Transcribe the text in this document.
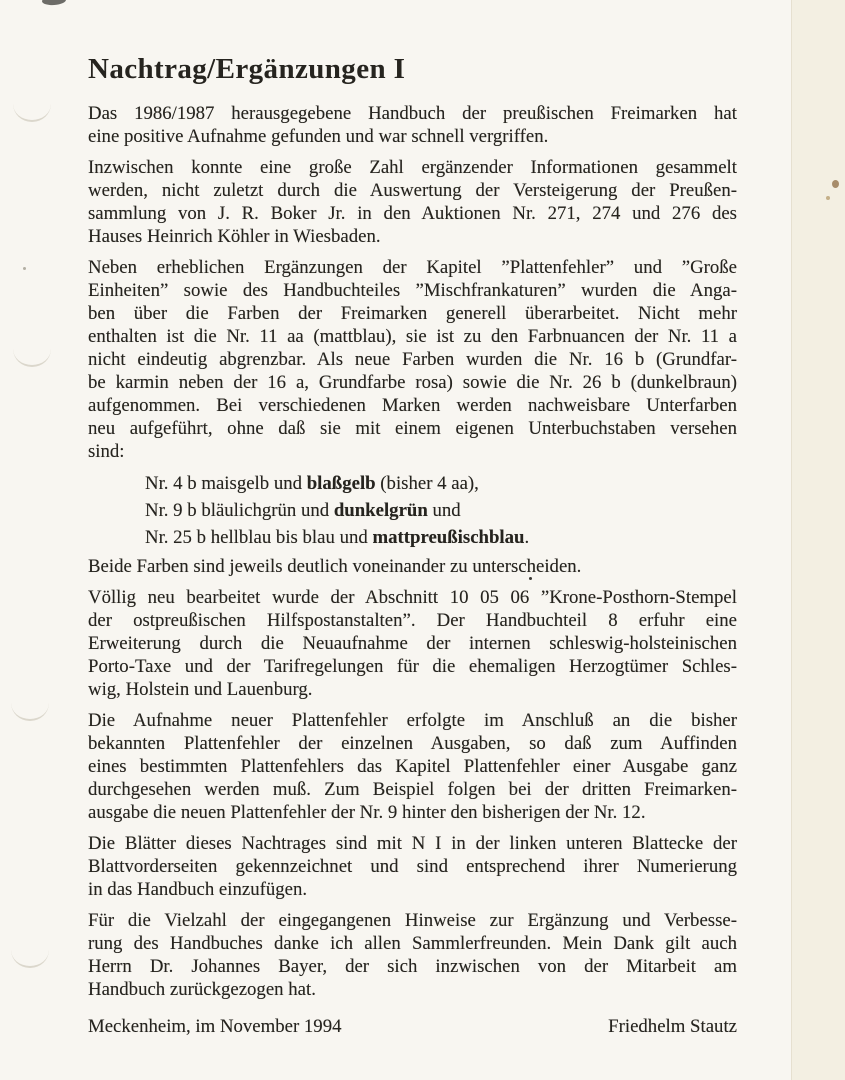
Nachtrag/Ergänzungen I
Das 1986/1987 herausgegebene Handbuch der preußischen Freimarken hat
eine positive Aufnahme gefunden und war schnell vergriffen.
Inzwischen konnte eine große Zahl ergänzender Informationen gesammelt
werden, nicht zuletzt durch die Auswertung der Versteigerung der Preußen-
sammlung von J. R. Boker Jr. in den Auktionen Nr. 271, 274 und 276 des
Hauses Heinrich Köhler in Wiesbaden.
Neben erheblichen Ergänzungen der Kapitel ”Plattenfehler” und ”Große
Einheiten” sowie des Handbuchteiles ”Mischfrankaturen” wurden die Anga-
ben über die Farben der Freimarken generell überarbeitet. Nicht mehr
enthalten ist die Nr. 11 aa (mattblau), sie ist zu den Farbnuancen der Nr. 11 a
nicht eindeutig abgrenzbar. Als neue Farben wurden die Nr. 16 b (Grundfar-
be karmin neben der 16 a, Grundfarbe rosa) sowie die Nr. 26 b (dunkelbraun)
aufgenommen. Bei verschiedenen Marken werden nachweisbare Unterfarben
neu aufgeführt, ohne daß sie mit einem eigenen Unterbuchstaben versehen
sind:
Nr. 4 b maisgelb und blaßgelb (bisher 4 aa),
Nr. 9 b bläulichgrün und dunkelgrün und
Nr. 25 b hellblau bis blau und mattpreußischblau.
Beide Farben sind jeweils deutlich voneinander zu unterscheiden.
Völlig neu bearbeitet wurde der Abschnitt 10 05 06 ”Krone-Posthorn-Stempel
der ostpreußischen Hilfspostanstalten”. Der Handbuchteil 8 erfuhr eine
Erweiterung durch die Neuaufnahme der internen schleswig-holsteinischen
Porto-Taxe und der Tarifregelungen für die ehemaligen Herzogtümer Schles-
wig, Holstein und Lauenburg.
Die Aufnahme neuer Plattenfehler erfolgte im Anschluß an die bisher
bekannten Plattenfehler der einzelnen Ausgaben, so daß zum Auffinden
eines bestimmten Plattenfehlers das Kapitel Plattenfehler einer Ausgabe ganz
durchgesehen werden muß. Zum Beispiel folgen bei der dritten Freimarken-
ausgabe die neuen Plattenfehler der Nr. 9 hinter den bisherigen der Nr. 12.
Die Blätter dieses Nachtrages sind mit N I in der linken unteren Blattecke der
Blattvorderseiten gekennzeichnet und sind entsprechend ihrer Numerierung
in das Handbuch einzufügen.
Für die Vielzahl der eingegangenen Hinweise zur Ergänzung und Verbesse-
rung des Handbuches danke ich allen Sammlerfreunden. Mein Dank gilt auch
Herrn Dr. Johannes Bayer, der sich inzwischen von der Mitarbeit am
Handbuch zurückgezogen hat.
Meckenheim, im November 1994	Friedhelm Stautz
